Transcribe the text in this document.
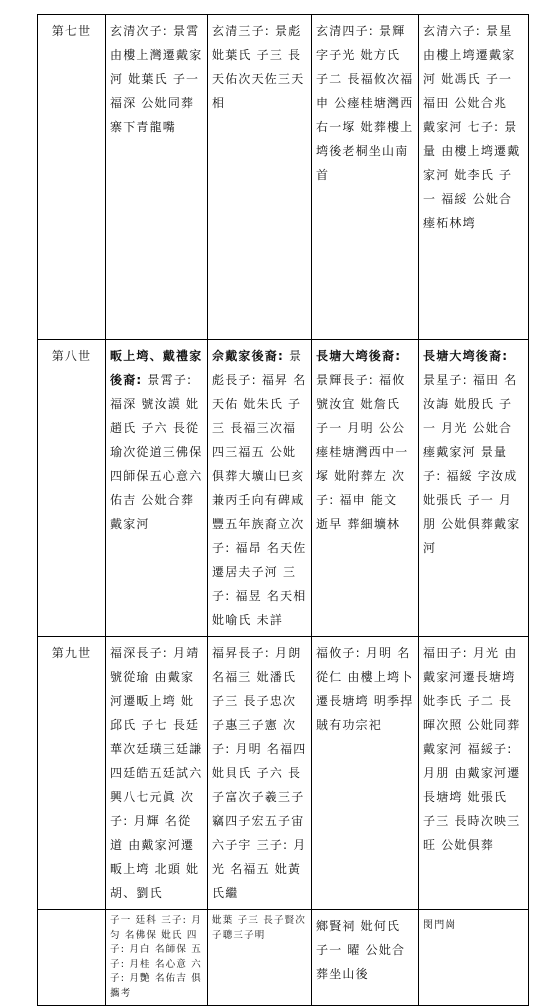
第七世	玄清次子: 景霄 由樓上灣遷戴家河 妣葉氏 子一 福深 公妣同葬寨下青龍嘴	玄清三子: 景彪 妣葉氏 子三 長天佑次天佐三天相	玄清四子: 景輝字子光 妣方氏 子二 長福攸次福申 公瘗桂塘灣西右一塚 妣葬樓上塆後老桐坐山南首	玄清六子: 景星 由樓上塆遷戴家河 妣馮氏 子一 福田 公妣合兆 戴家河 七子: 景量 由樓上塆遷戴家河 妣李氏 子一 福綏 公妣合瘗柘林塆
第八世	畈上塆、戴禮家後裔: 景霄子: 福深 號汝謨 妣趙氏 子六 長從瑜次從道三佛保四師保五心意六佑吉 公妣合葬戴家河	佘戴家後裔: 景彪長子: 福昇 名天佑 妣朱氏 子三 長福三次福四三福五 公妣俱葬大壙山巳亥兼丙壬向有碑咸豐五年族裔立次子: 福昂 名天佐 遷居夫子河 三子: 福昱 名天相 妣喻氏 未詳	長塘大塆後裔: 景輝長子: 福攸 號汝宜 妣詹氏 子一 月明 公公瘗桂塘灣西中一塚 妣附葬左 次子: 福申 能文 逝早 葬細壙林	長塘大塆後裔: 景星子: 福田 名汝誨 妣殷氏 子一 月光 公妣合瘗戴家河 景量子: 福綏 字汝成 妣張氏 子一 月朋 公妣俱葬戴家河
第九世	福深長子: 月靖 號從瑜 由戴家河遷畈上塆 妣邱氏 子七 長廷華次廷璜三廷謙四廷皓五廷試六興八七元眞 次子: 月輝 名從道 由戴家河遷畈上塆 北頭 妣胡、劉氏	福昇長子: 月朗 名福三 妣潘氏 子三 長子忠次子惠三子憲 次子: 月明 名福四 妣貝氏 子六 長子富次子羲三子竊四子宏五子宙六子宇 三子: 月光 名福五 妣黃氏繼	福攸子: 月明 名從仁 由樓上塆卜遷長塘塆 明季捍賊有功宗祀	福田子: 月光 由戴家河遷長塘塆 妣李氏 子二 長暉次照 公妣同葬戴家河 福綏子: 月朋 由戴家河遷長塘塆 妣張氏 子三 長時次映三旺 公妣俱葬
	子一 廷科 三子: 月匀 名佛保 妣氏 四子: 月白 名師保 五子: 月桂 名心意 六子: 月艷 名佑吉 俱攜考	妣葉 子三 長子賢次子聰三子明	鄉賢祠 妣何氏 子一 曜 公妣合葬坐山後	閔門崗
